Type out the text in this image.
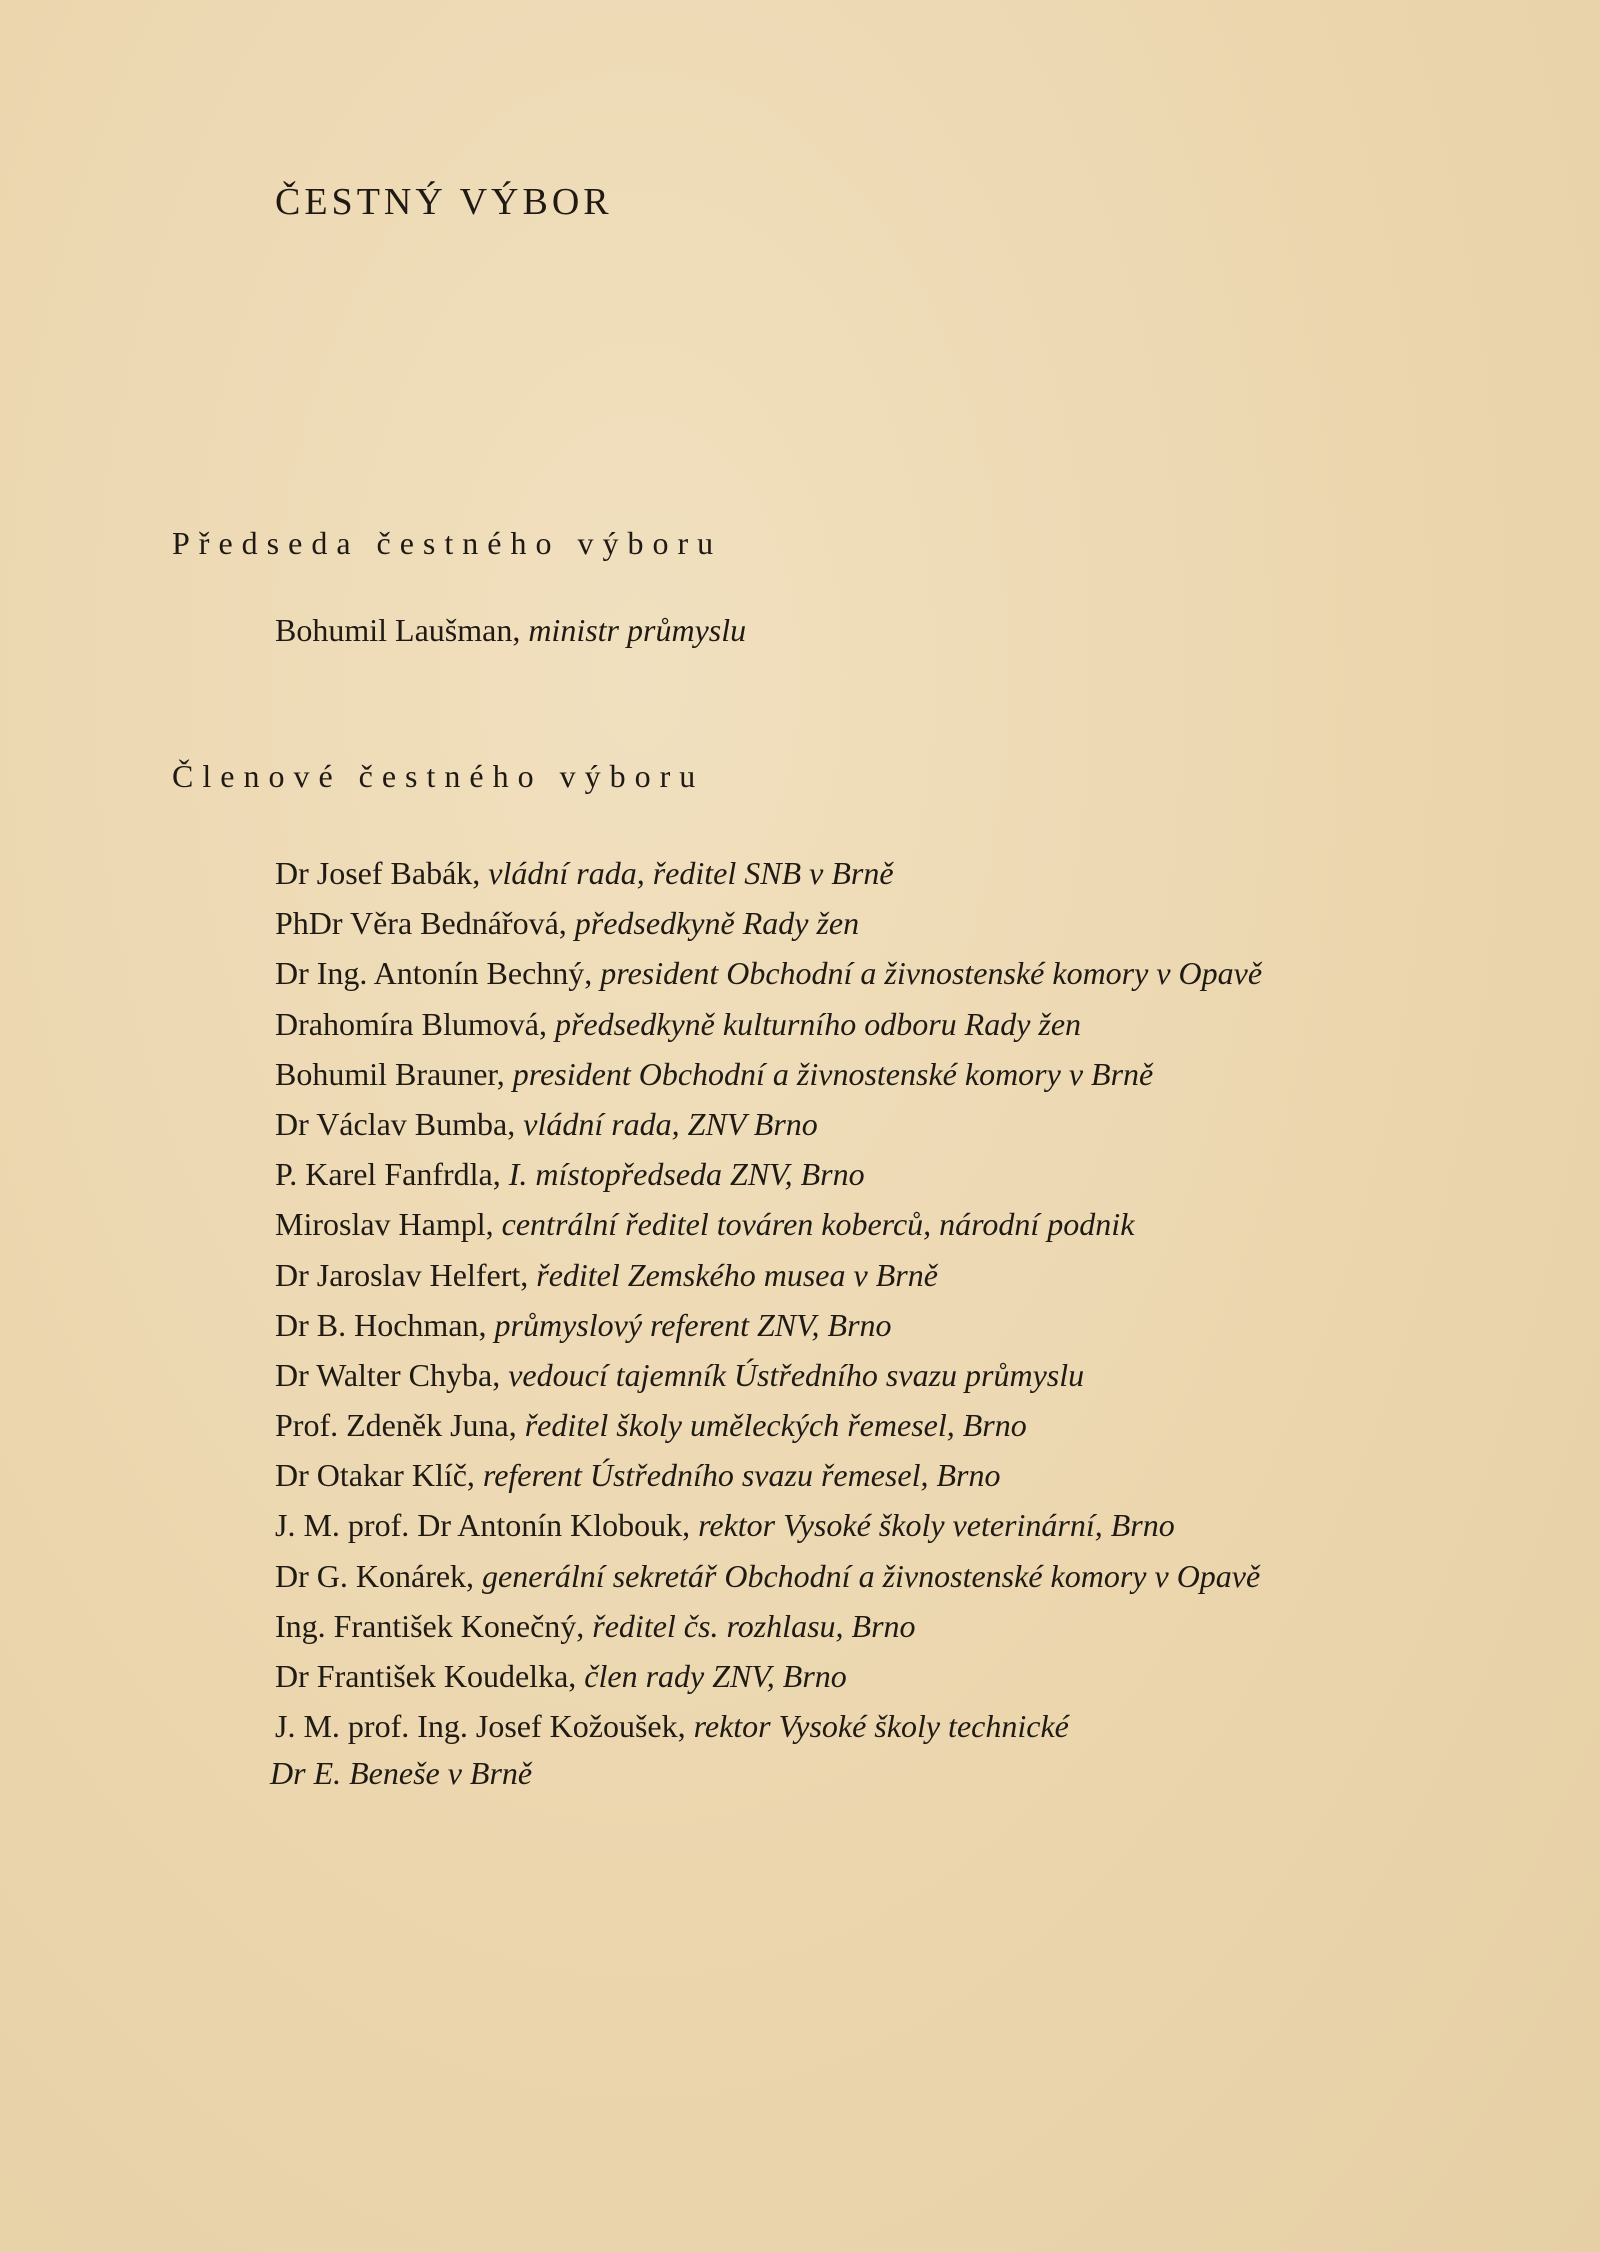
ČESTNÝ VÝBOR
Předseda čestného výboru
Bohumil Laušman, ministr průmyslu
Členové čestného výboru
Dr Josef Babák, vládní rada, ředitel SNB v Brně
PhDr Věra Bednářová, předsedkyně Rady žen
Dr Ing. Antonín Bechný, president Obchodní a živnostenské komory v Opavě
Drahomíra Blumová, předsedkyně kulturního odboru Rady žen
Bohumil Brauner, president Obchodní a živnostenské komory v Brně
Dr Václav Bumba, vládní rada, ZNV Brno
P. Karel Fanfrdla, I. místopředseda ZNV, Brno
Miroslav Hampl, centrální ředitel továren koberců, národní podnik
Dr Jaroslav Helfert, ředitel Zemského musea v Brně
Dr B. Hochman, průmyslový referent ZNV, Brno
Dr Walter Chyba, vedoucí tajemník Ústředního svazu průmyslu
Prof. Zdeněk Juna, ředitel školy uměleckých řemesel, Brno
Dr Otakar Klíč, referent Ústředního svazu řemesel, Brno
J. M. prof. Dr Antonín Klobouk, rektor Vysoké školy veterinární, Brno
Dr G. Konárek, generální sekretář Obchodní a živnostenské komory v Opavě
Ing. František Konečný, ředitel čs. rozhlasu, Brno
Dr František Koudelka, člen rady ZNV, Brno
J. M. prof. Ing. Josef Kožoušek, rektor Vysoké školy technické
Dr E. Beneše v Brně
